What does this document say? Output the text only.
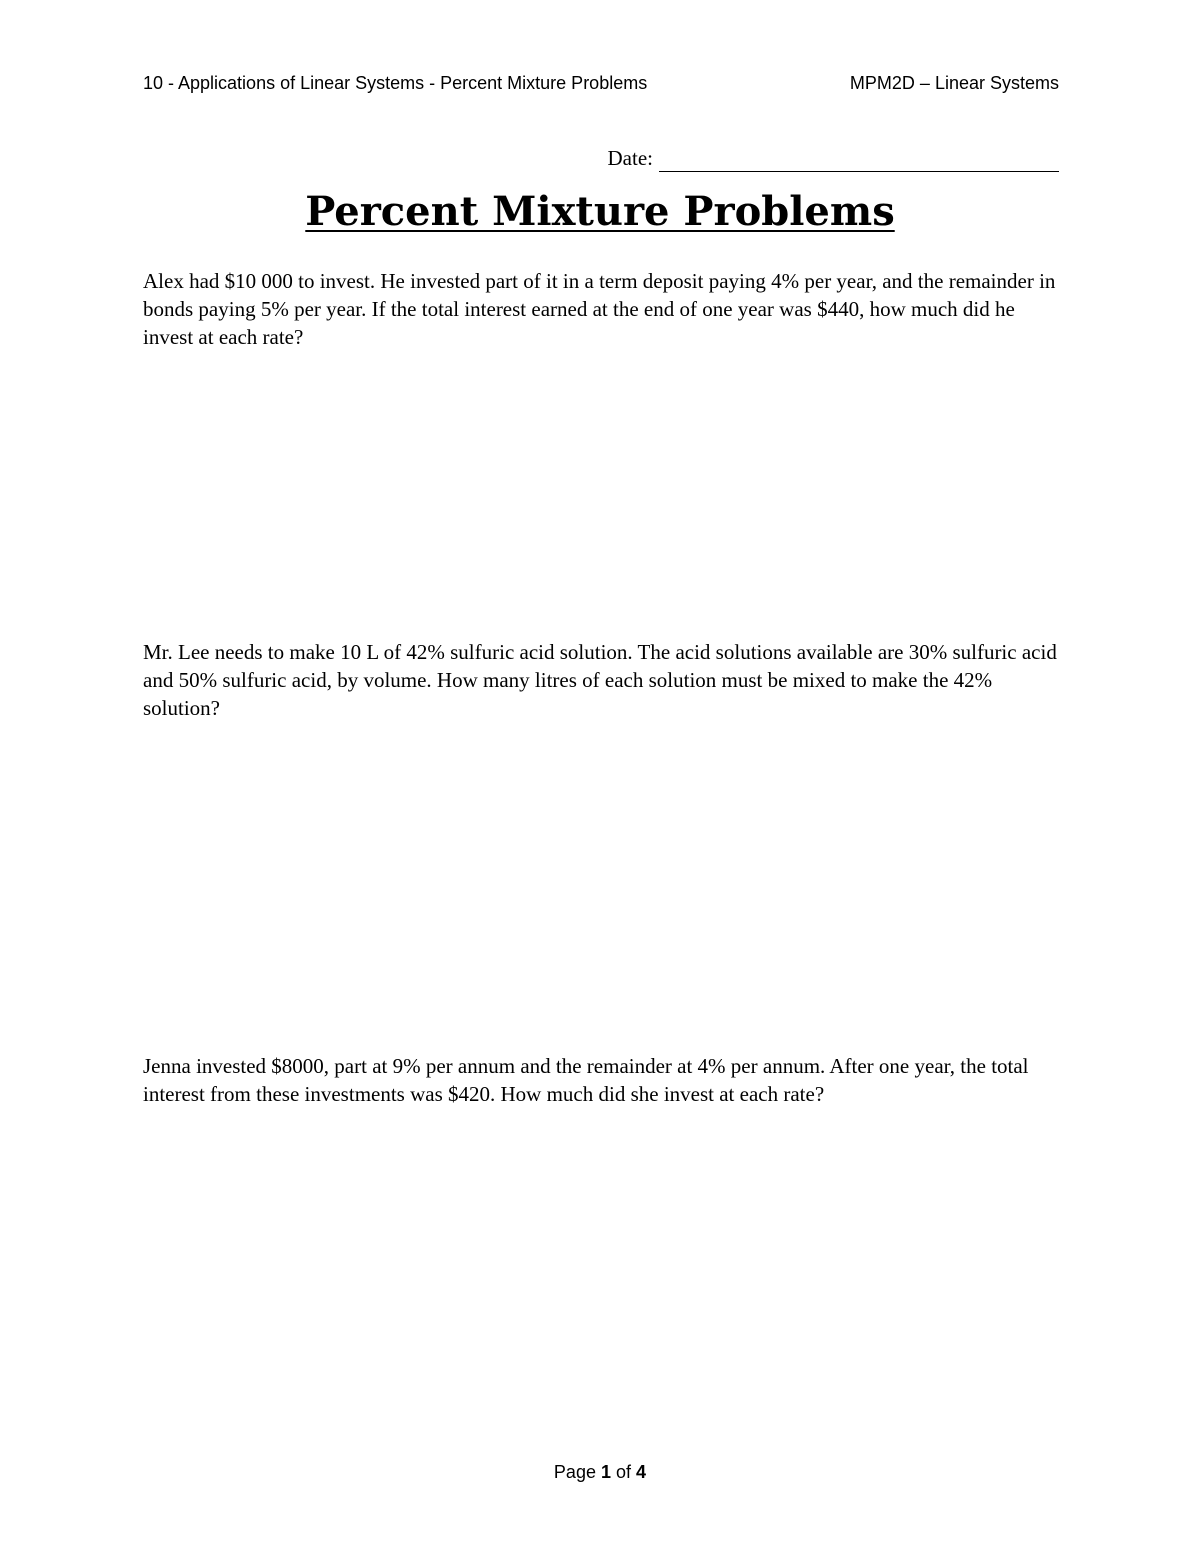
10 - Applications of Linear Systems - Percent Mixture Problems	MPM2D – Linear Systems
Date:
Percent Mixture Problems

Alex had $10 000 to invest. He invested part of it in a term deposit paying 4% per year, and the remainder in bonds paying 5% per year. If the total interest earned at the end of one year was $440, how much did he invest at each rate?

Mr. Lee needs to make 10 L of 42% sulfuric acid solution. The acid solutions available are 30% sulfuric acid and 50% sulfuric acid, by volume. How many litres of each solution must be mixed to make the 42% solution?

Jenna invested $8000, part at 9% per annum and the remainder at 4% per annum. After one year, the total interest from these investments was $420. How much did she invest at each rate?

Page 1 of 4
